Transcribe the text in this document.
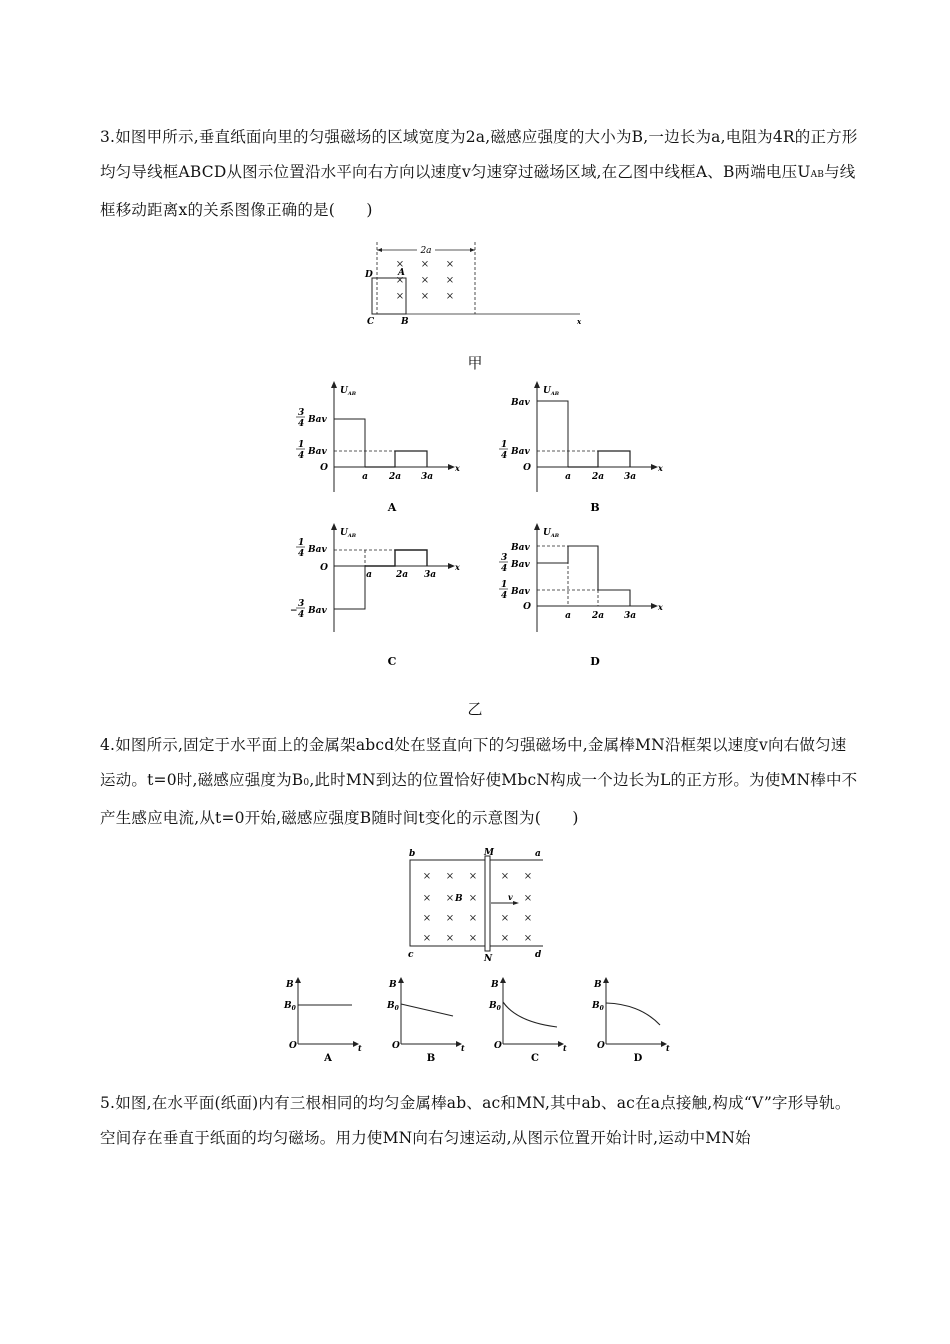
3.如图甲所示,垂直纸面向里的匀强磁场的区域宽度为2a,磁感应强度的大小为B,一边长为a,电阻为4R的正方形均匀导线框ABCD从图示位置沿水平向右方向以速度v匀速穿过磁场区域,在乙图中线框A、B两端电压UAB与线框移动距离x的关系图像正确的是(　　)
2a
× × ×
× × ×
× × ×
D	A
C	B	x
甲
$U_{AB}$
O	x
3
4 Bav
1
4 Bav
a 2a 3a
A
$U_{AB}$
O	x
Bav
1
4 Bav
a 2a 3a
B
$U_{AB}$
O	x
1
4 Bav
−
3
4 Bav
a	2a 3a
C
$U_{AB}$
O	x
Bav
3
4 Bav
1
4 Bav
a 2a 3a
D
乙
4.如图所示,固定于水平面上的金属架abcd处在竖直向下的匀强磁场中,金属棒MN沿框架以速度v向右做匀速运动。t=0时,磁感应强度为B0,此时MN到达的位置恰好使MbcN构成一个边长为L的正方形。为使MN棒中不产生感应电流,从t=0开始,磁感应强度B随时间t变化的示意图为(　　)
× × × × ×
× × ×	×
× × × × ×
× × × × ×
b	M	a
c	N	d
B	v
B
$B_0$
O	t
A
B
$B_0$
O	t
B
B
$B_0$
O	t
C
B
$B_0$
O	t
D
5.如图,在水平面(纸面)内有三根相同的均匀金属棒ab、ac和MN,其中ab、ac在a点接触,构成“V”字形导轨。空间存在垂直于纸面的均匀磁场。用力使MN向右匀速运动,从图示位置开始计时,运动中MN始
